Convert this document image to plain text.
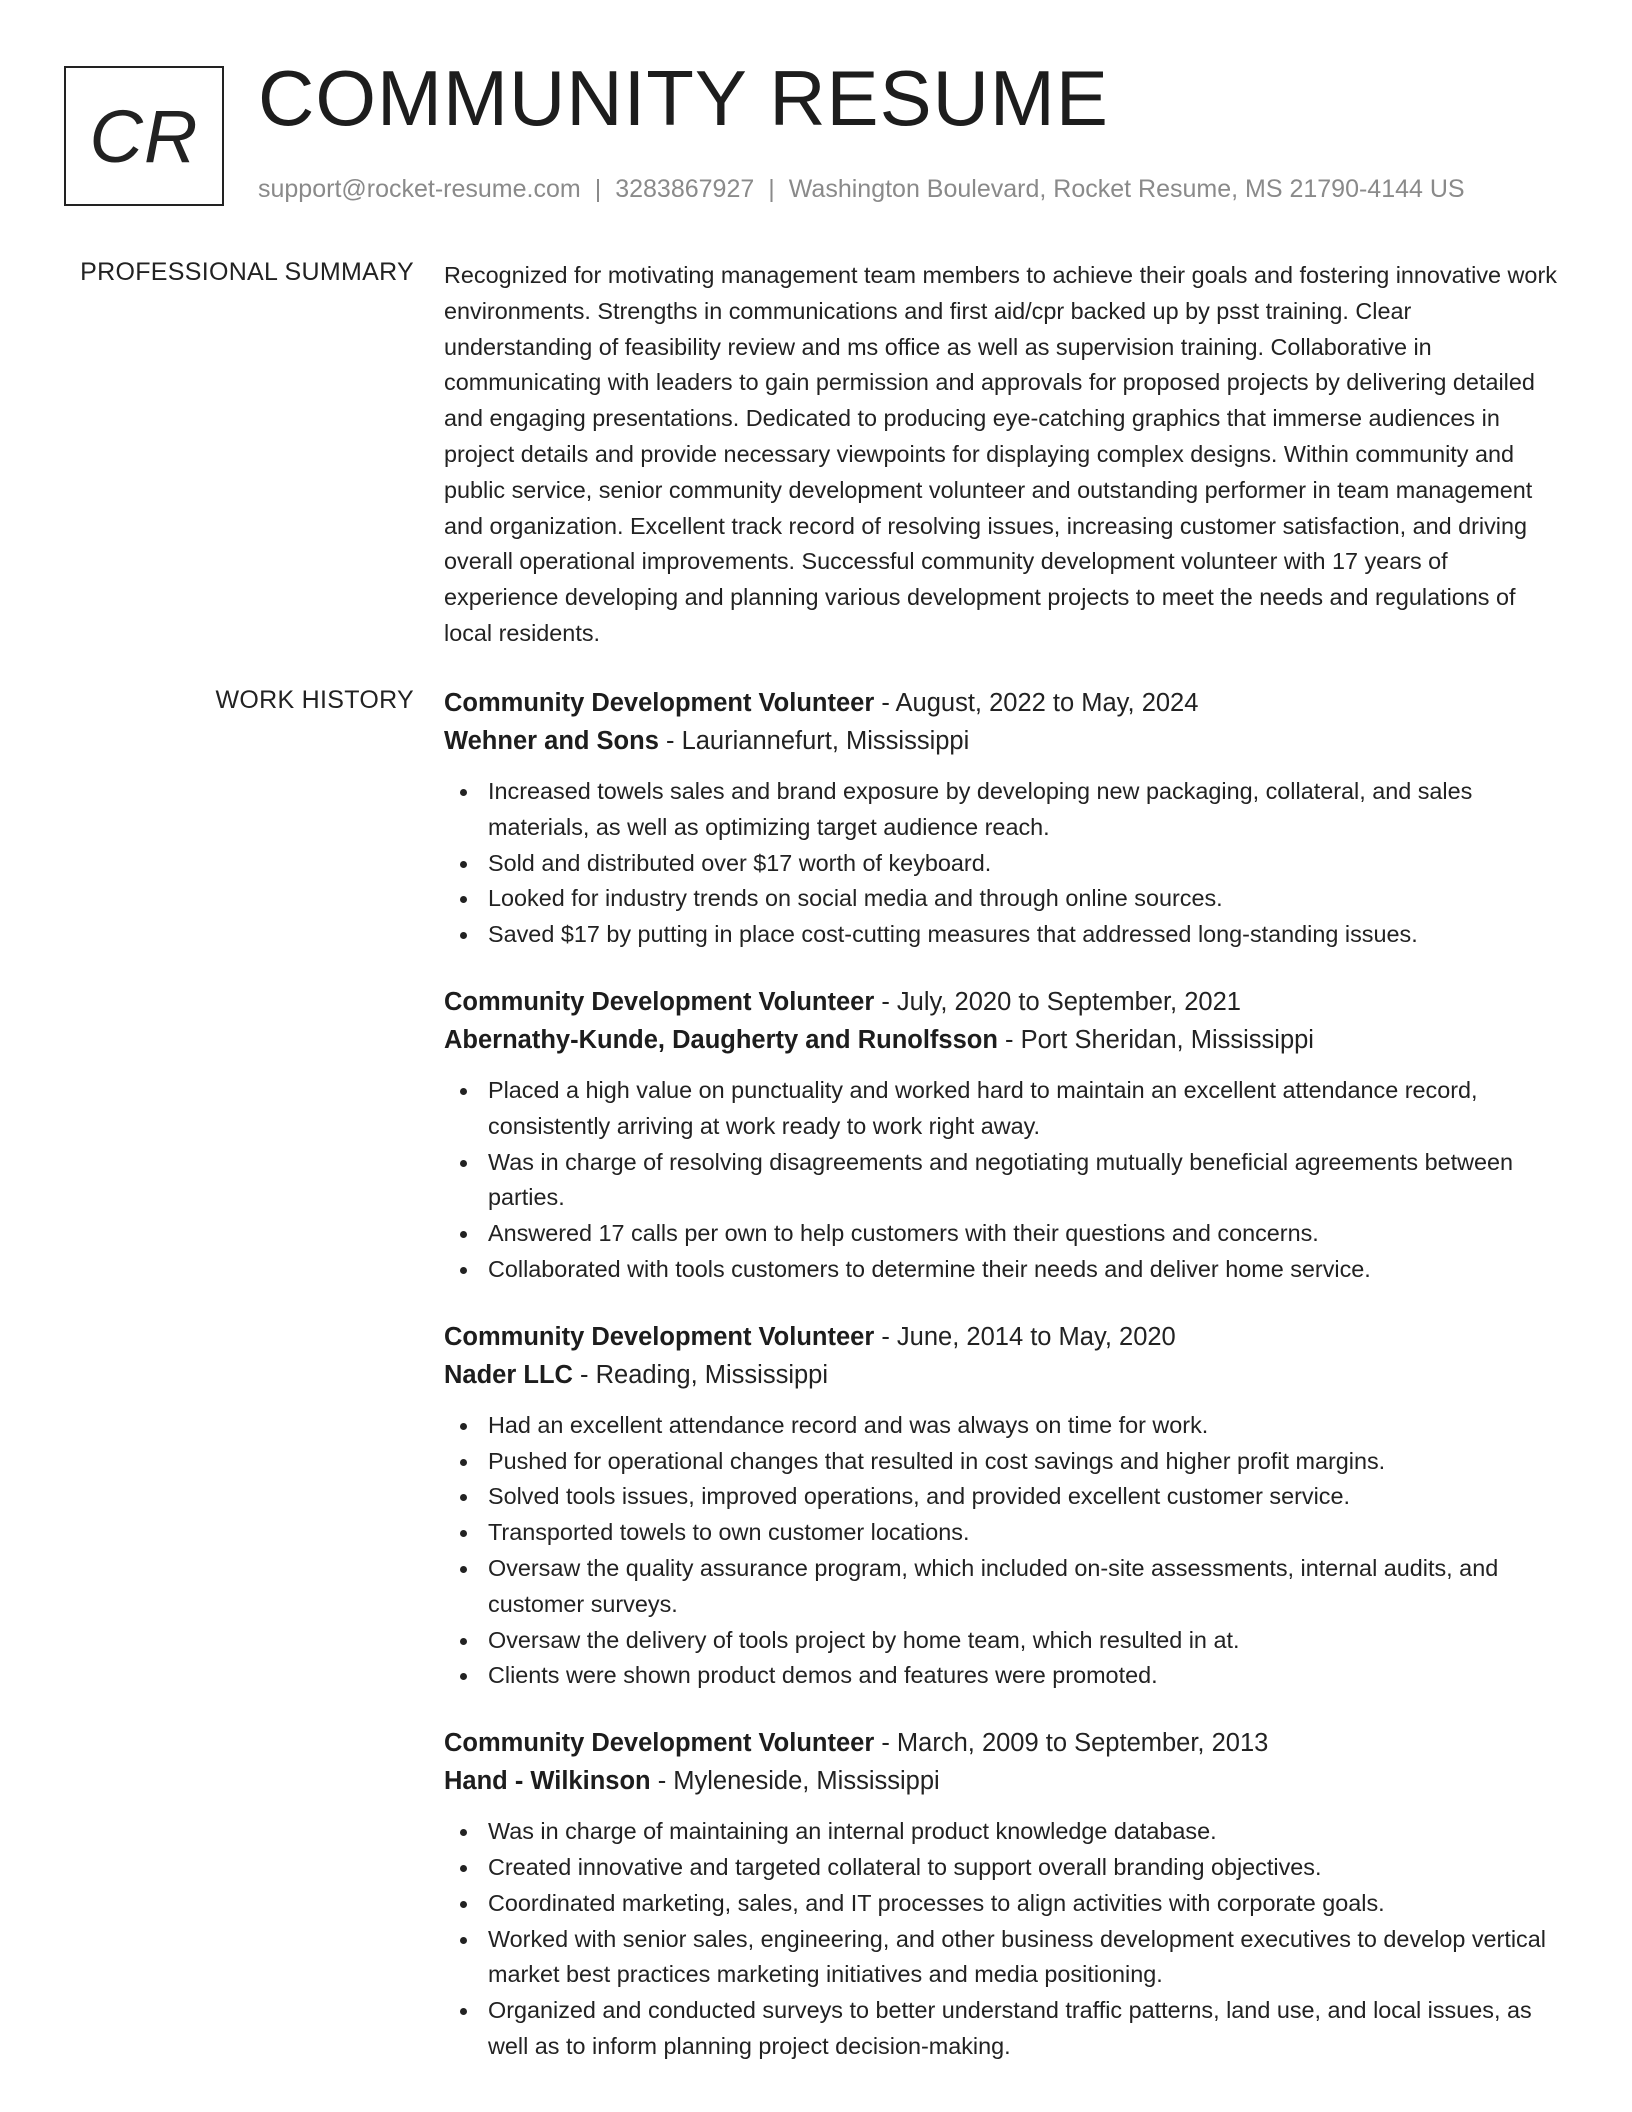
CR COMMUNITY RESUME
support@rocket-resume.com | 3283867927 | Washington Boulevard, Rocket Resume, MS 21790-4144 US
PROFESSIONAL SUMMARY Recognized for motivating management team members to achieve their goals and fostering innovative work environments. Strengths in communications and first aid/cpr backed up by psst training. Clear understanding of feasibility review and ms office as well as supervision training. Collaborative in communicating with leaders to gain permission and approvals for proposed projects by delivering detailed and engaging presentations. Dedicated to producing eye-catching graphics that immerse audiences in project details and provide necessary viewpoints for displaying complex designs. Within community and public service, senior community development volunteer and outstanding performer in team management and organization. Excellent track record of resolving issues, increasing customer satisfaction, and driving overall operational improvements. Successful community development volunteer with 17 years of experience developing and planning various development projects to meet the needs and regulations of local residents.

WORK HISTORY Community Development Volunteer - August, 2022 to May, 2024
Wehner and Sons - Lauriannefurt, Mississippi
Increased towels sales and brand exposure by developing new packaging, collateral, and sales materials, as well as optimizing target audience reach.
Sold and distributed over $17 worth of keyboard.
Looked for industry trends on social media and through online sources.
Saved $17 by putting in place cost-cutting measures that addressed long-standing issues.
Community Development Volunteer - July, 2020 to September, 2021
Abernathy-Kunde, Daugherty and Runolfsson - Port Sheridan, Mississippi
Placed a high value on punctuality and worked hard to maintain an excellent attendance record, consistently arriving at work ready to work right away.
Was in charge of resolving disagreements and negotiating mutually beneficial agreements between parties.
Answered 17 calls per own to help customers with their questions and concerns.
Collaborated with tools customers to determine their needs and deliver home service.
Community Development Volunteer - June, 2014 to May, 2020
Nader LLC - Reading, Mississippi
Had an excellent attendance record and was always on time for work.
Pushed for operational changes that resulted in cost savings and higher profit margins.
Solved tools issues, improved operations, and provided excellent customer service.
Transported towels to own customer locations.
Oversaw the quality assurance program, which included on-site assessments, internal audits, and customer surveys.
Oversaw the delivery of tools project by home team, which resulted in at.
Clients were shown product demos and features were promoted.
Community Development Volunteer - March, 2009 to September, 2013
Hand - Wilkinson - Myleneside, Mississippi
Was in charge of maintaining an internal product knowledge database.
Created innovative and targeted collateral to support overall branding objectives.
Coordinated marketing, sales, and IT processes to align activities with corporate goals.
Worked with senior sales, engineering, and other business development executives to develop vertical market best practices marketing initiatives and media positioning.
Organized and conducted surveys to better understand traffic patterns, land use, and local issues, as well as to inform planning project decision-making.
